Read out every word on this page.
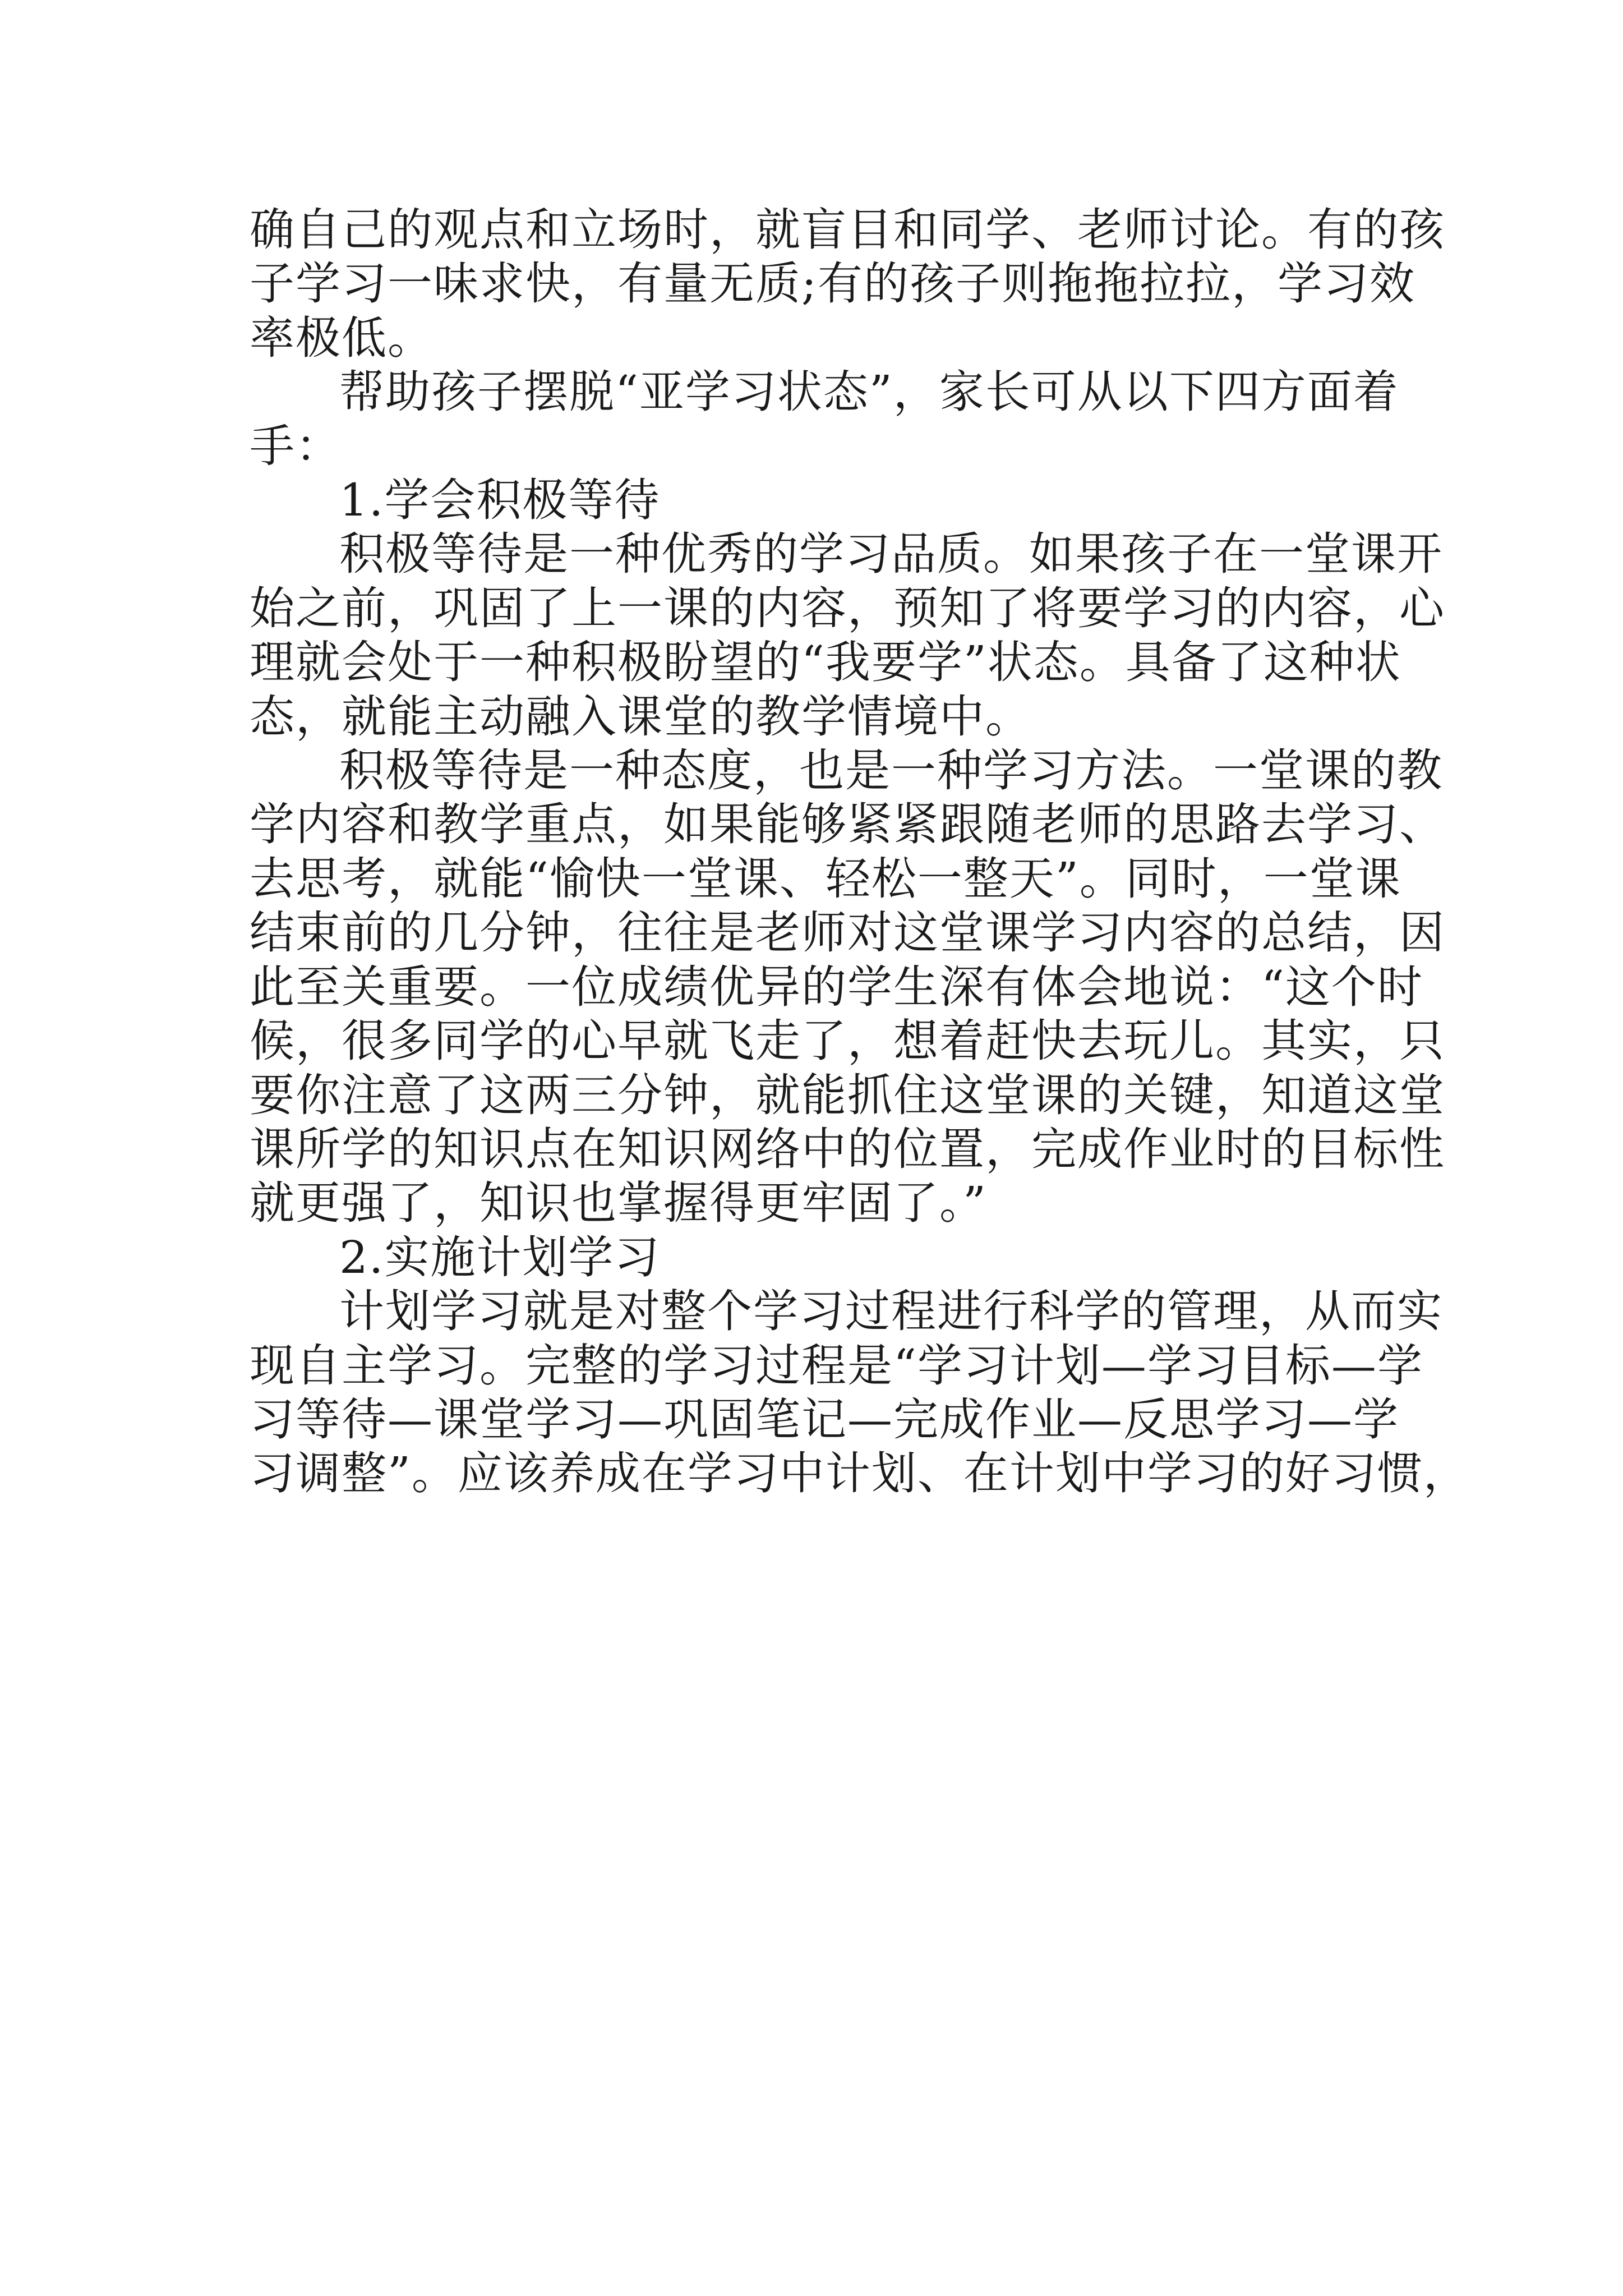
确自己的观点和立场时，就盲目和同学、老师讨论。有的孩
子学习一味求快，有量无质;有的孩子则拖拖拉拉，学习效
率极低。

帮助孩子摆脱“亚学习状态”，家长可从以下四方面着
手：

1.学会积极等待

积极等待是一种优秀的学习品质。如果孩子在一堂课开
始之前，巩固了上一课的内容，预知了将要学习的内容，心
理就会处于一种积极盼望的“我要学”状态。具备了这种状
态，就能主动融入课堂的教学情境中。

积极等待是一种态度，也是一种学习方法。一堂课的教
学内容和教学重点，如果能够紧紧跟随老师的思路去学习、
去思考，就能“愉快一堂课、轻松一整天”。同时，一堂课
结束前的几分钟，往往是老师对这堂课学习内容的总结，因
此至关重要。一位成绩优异的学生深有体会地说：“这个时
候，很多同学的心早就飞走了，想着赶快去玩儿。其实，只
要你注意了这两三分钟，就能抓住这堂课的关键，知道这堂
课所学的知识点在知识网络中的位置，完成作业时的目标性
就更强了，知识也掌握得更牢固了。”

2.实施计划学习

计划学习就是对整个学习过程进行科学的管理，从而实
现自主学习。完整的学习过程是“学习计划—学习目标—学
习等待—课堂学习—巩固笔记—完成作业—反思学习—学
习调整”。应该养成在学习中计划、在计划中学习的好习惯，
